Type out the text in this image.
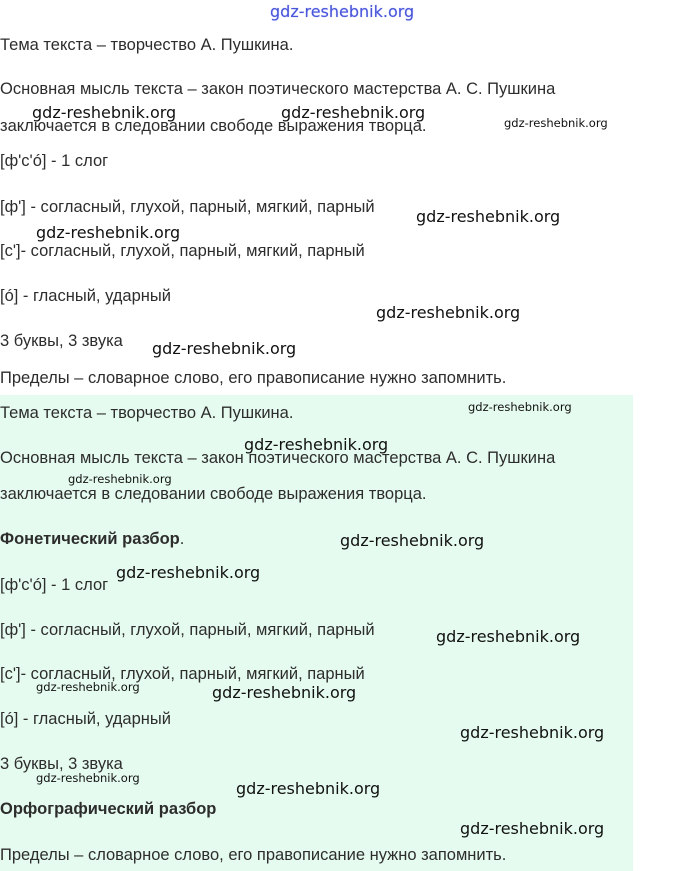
gdz-reshebnik.org
Тема текста – творчество А. Пушкина.
Основная мысль текста – закон поэтического мастерства А. С. Пушкина
заключается в следовании свободе выражения творца.
[ф'с'ó] - 1 слог
[ф'] - согласный, глухой, парный, мягкий, парный
[с']- согласный, глухой, парный, мягкий, парный
[ó] - гласный, ударный
3 буквы, 3 звука
Пределы – словарное слово, его правописание нужно запомнить.
Тема текста – творчество А. Пушкина.
Основная мысль текста – закон поэтического мастерства А. С. Пушкина
заключается в следовании свободе выражения творца.
Фонетический разбор.
[ф'с'ó] - 1 слог
[ф'] - согласный, глухой, парный, мягкий, парный
[с']- согласный, глухой, парный, мягкий, парный
[ó] - гласный, ударный
3 буквы, 3 звука
Орфографический разбор
Пределы – словарное слово, его правописание нужно запомнить.
gdz-reshebnik.org	gdz-reshebnik.org
gdz-reshebnik.org
gdz-reshebnik.org
gdz-reshebnik.org
gdz-reshebnik.org
gdz-reshebnik.org
gdz-reshebnik.org
gdz-reshebnik.org
gdz-reshebnik.org
gdz-reshebnik.org
gdz-reshebnik.org
gdz-reshebnik.org
gdz-reshebnik.org	gdz-reshebnik.org
gdz-reshebnik.org
gdz-reshebnik.org
gdz-reshebnik.org
gdz-reshebnik.org
